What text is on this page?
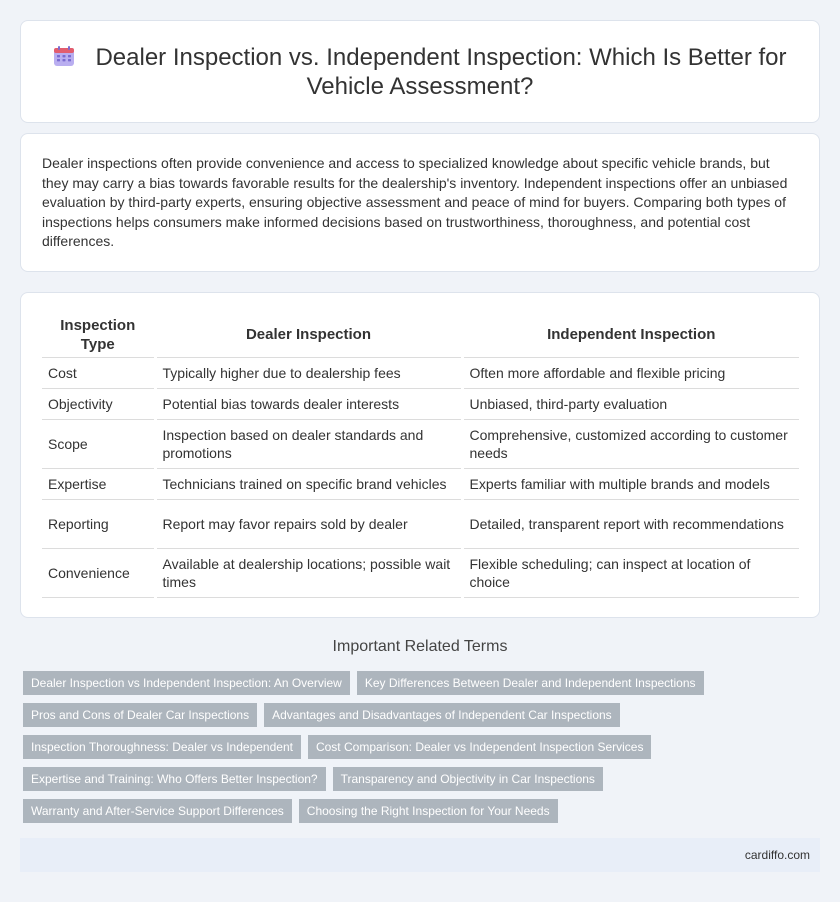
Dealer Inspection vs. Independent Inspection: Which Is Better for Vehicle Assessment?

Dealer inspections often provide convenience and access to specialized knowledge about specific vehicle brands, but they may carry a bias towards favorable results for the dealership's inventory. Independent inspections offer an unbiased evaluation by third-party experts, ensuring objective assessment and peace of mind for buyers. Comparing both types of inspections helps consumers make informed decisions based on trustworthiness, thoroughness, and potential cost differences.

Inspection Type	Dealer Inspection	Independent Inspection
Cost	Typically higher due to dealership fees	Often more affordable and flexible pricing
Objectivity	Potential bias towards dealer interests	Unbiased, third-party evaluation
Scope	Inspection based on dealer standards and promotions	Comprehensive, customized according to customer needs
Expertise	Technicians trained on specific brand vehicles	Experts familiar with multiple brands and models
Reporting	Report may favor repairs sold by dealer	Detailed, transparent report with recommendations
Convenience	Available at dealership locations; possible wait times	Flexible scheduling; can inspect at location of choice
Important Related Terms
Dealer Inspection vs Independent Inspection: An Overview	Key Differences Between Dealer and Independent Inspections
Pros and Cons of Dealer Car Inspections	Advantages and Disadvantages of Independent Car Inspections
Inspection Thoroughness: Dealer vs Independent	Cost Comparison: Dealer vs Independent Inspection Services
Expertise and Training: Who Offers Better Inspection?	Transparency and Objectivity in Car Inspections
Warranty and After-Service Support Differences	Choosing the Right Inspection for Your Needs
cardiffo.com
